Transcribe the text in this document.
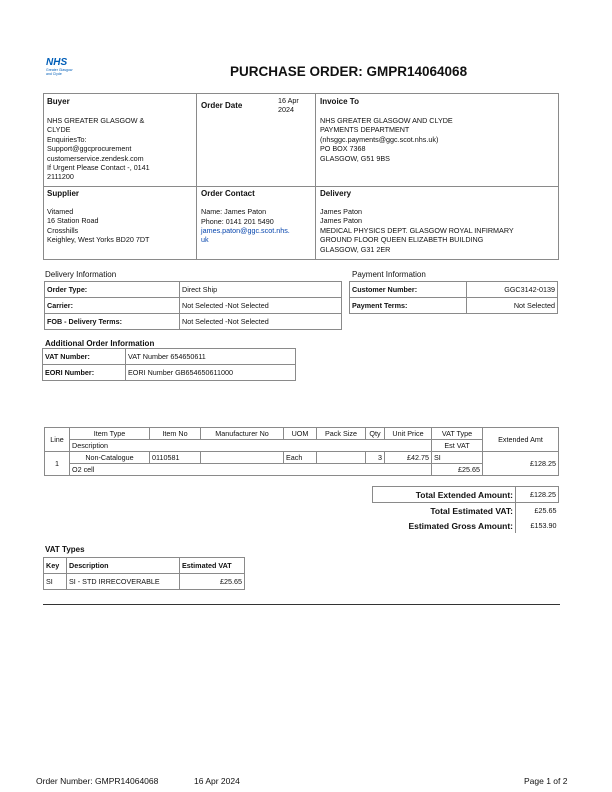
NHS
Greater Glasgow
and Clyde	PURCHASE ORDER: GMPR14064068
Buyer
NHS GREATER GLASGOW &
CLYDE
EnquiriesTo:
Support@ggcprocurement
customerservice.zendesk.com
If Urgent Please Contact -, 0141
2111200
Order Date
16 Apr
2024
Invoice To
NHS GREATER GLASGOW AND CLYDE
PAYMENTS DEPARTMENT
(nhsggc.payments@ggc.scot.nhs.uk)
PO BOX 7368
GLASGOW, G51 9BS
Supplier
Vitamed
16 Station Road
Crosshills
Keighley, West Yorks BD20 7DT
Order Contact
Name: James Paton
Phone: 0141 201 5490
james.paton@ggc.scot.nhs.
uk
Delivery
James Paton
James Paton
MEDICAL PHYSICS DEPT. GLASGOW ROYAL INFIRMARY
GROUND FLOOR QUEEN ELIZABETH BUILDING
GLASGOW, G31 2ER
Delivery Information
Order Type:	Direct Ship
Carrier:	Not Selected -Not Selected
FOB - Delivery Terms:	Not Selected -Not Selected
Payment Information
Customer Number:	GGC3142-0139
Payment Terms:	Not Selected
Additional Order Information
VAT Number:	VAT Number 654650611
EORI Number:	EORI Number GB654650611000
Line	Item Type	Item No	Manufacturer No	UOM	Pack Size	Qty	Unit Price	VAT Type	Extended Amt
	Description							Est VAT	
1	Non-Catalogue	0110581		Each		3	£42.75	SI	£128.25
	O2 cell							£25.65	
Total Extended Amount:	£128.25
Total Estimated VAT:	£25.65
Estimated Gross Amount:	£153.90
VAT Types
Key	Description	Estimated VAT
SI	SI - STD IRRECOVERABLE	£25.65
Order Number: GMPR14064068	16 Apr 2024	Page 1 of 2
